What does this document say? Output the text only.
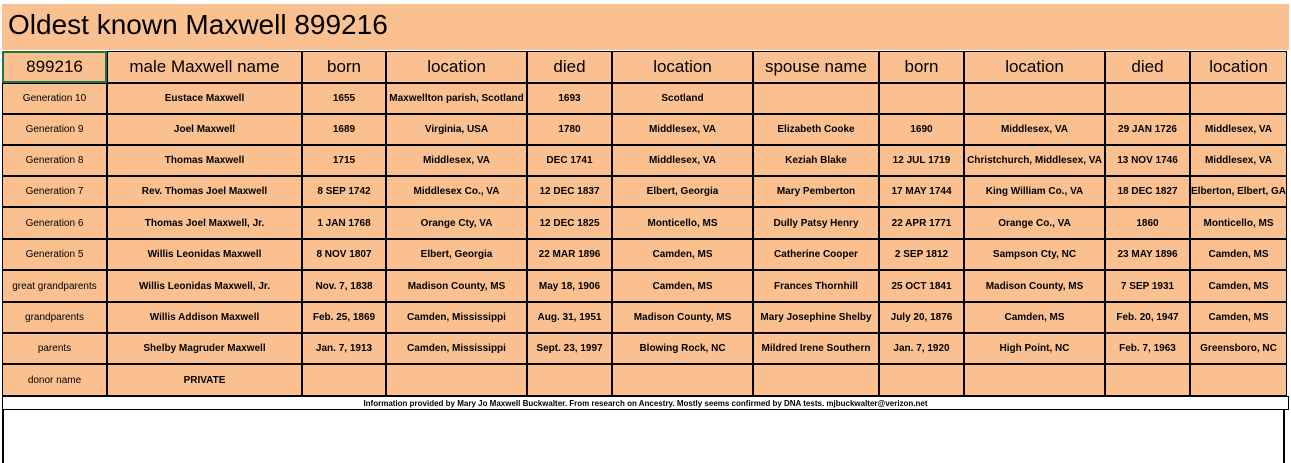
Oldest known Maxwell 899216
899216	male Maxwell name	born	location	died	location	spouse name	born	location	died	location
Generation 10	Eustace Maxwell	1655	Maxwellton parish, Scotland	1693	Scotland
Generation 9	Joel Maxwell	1689	Virginia, USA	1780	Middlesex, VA	Elizabeth Cooke	1690	Middlesex, VA	29 JAN 1726	Middlesex, VA
Generation 8	Thomas Maxwell	1715	Middlesex, VA	DEC 1741	Middlesex, VA	Keziah Blake	12 JUL 1719	Christchurch, Middlesex, VA	13 NOV 1746	Middlesex, VA
Generation 7	Rev. Thomas Joel Maxwell	8 SEP 1742	Middlesex Co., VA	12 DEC 1837	Elbert, Georgia	Mary Pemberton	17 MAY 1744	King William Co., VA	18 DEC 1827	Elberton, Elbert, GA
Generation 6	Thomas Joel Maxwell, Jr.	1 JAN 1768	Orange Cty, VA	12 DEC 1825	Monticello, MS	Dully Patsy Henry	22 APR 1771	Orange Co., VA	1860	Monticello, MS
Generation 5	Willis Leonidas Maxwell	8 NOV 1807	Elbert, Georgia	22 MAR 1896	Camden, MS	Catherine Cooper	2 SEP 1812	Sampson Cty, NC	23 MAY 1896	Camden, MS
great grandparents	Willis Leonidas Maxwell, Jr.	Nov. 7, 1838	Madison County, MS	May 18, 1906	Camden, MS	Frances Thornhill	25 OCT 1841	Madison County, MS	7 SEP 1931	Camden, MS
grandparents	Willis Addison Maxwell	Feb. 25, 1869	Camden, Mississippi	Aug. 31, 1951	Madison County, MS	Mary Josephine Shelby	July 20, 1876	Camden, MS	Feb. 20, 1947	Camden, MS
parents	Shelby Magruder Maxwell	Jan. 7, 1913	Camden, Mississippi	Sept. 23, 1997	Blowing Rock, NC	Mildred Irene Southern	Jan. 7, 1920	High Point, NC	Feb. 7, 1963	Greensboro, NC
donor name	PRIVATE
Information provided by Mary Jo Maxwell Buckwalter. From research on Ancestry. Mostly seems confirmed by DNA tests. mjbuckwalter@verizon.net
